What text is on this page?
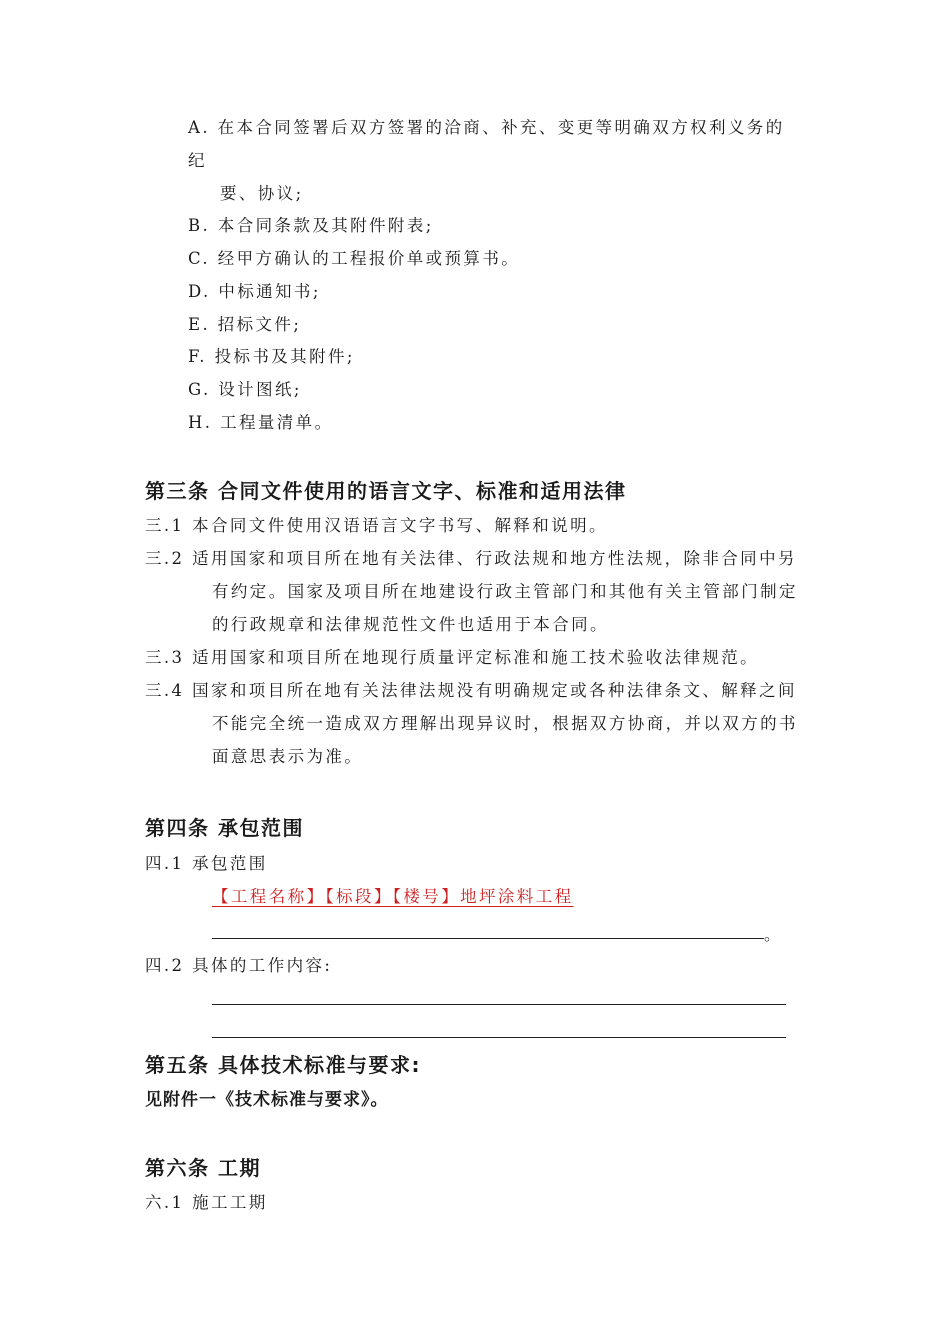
A. 在本合同签署后双方签署的洽商、补充、变更等明确双方权利义务的
纪
要、协议;
B. 本合同条款及其附件附表;
C. 经甲方确认的工程报价单或预算书。
D. 中标通知书;
E. 招标文件;
F. 投标书及其附件;
G. 设计图纸;
H. 工程量清单。
第三条 合同文件使用的语言文字、标准和适用法律
三.1 本合同文件使用汉语语言文字书写、解释和说明。
三.2 适用国家和项目所在地有关法律、行政法规和地方性法规，除非合同中另
有约定。国家及项目所在地建设行政主管部门和其他有关主管部门制定
的行政规章和法律规范性文件也适用于本合同。
三.3 适用国家和项目所在地现行质量评定标准和施工技术验收法律规范。
三.4 国家和项目所在地有关法律法规没有明确规定或各种法律条文、解释之间
不能完全统一造成双方理解出现异议时，根据双方协商，并以双方的书
面意思表示为准。
第四条 承包范围
四.1 承包范围
【工程名称】【标段】【楼号】地坪涂料工程
。
四.2 具体的工作内容:
第五条 具体技术标准与要求:
见附件一《技术标准与要求》。
第六条 工期
六.1 施工工期
